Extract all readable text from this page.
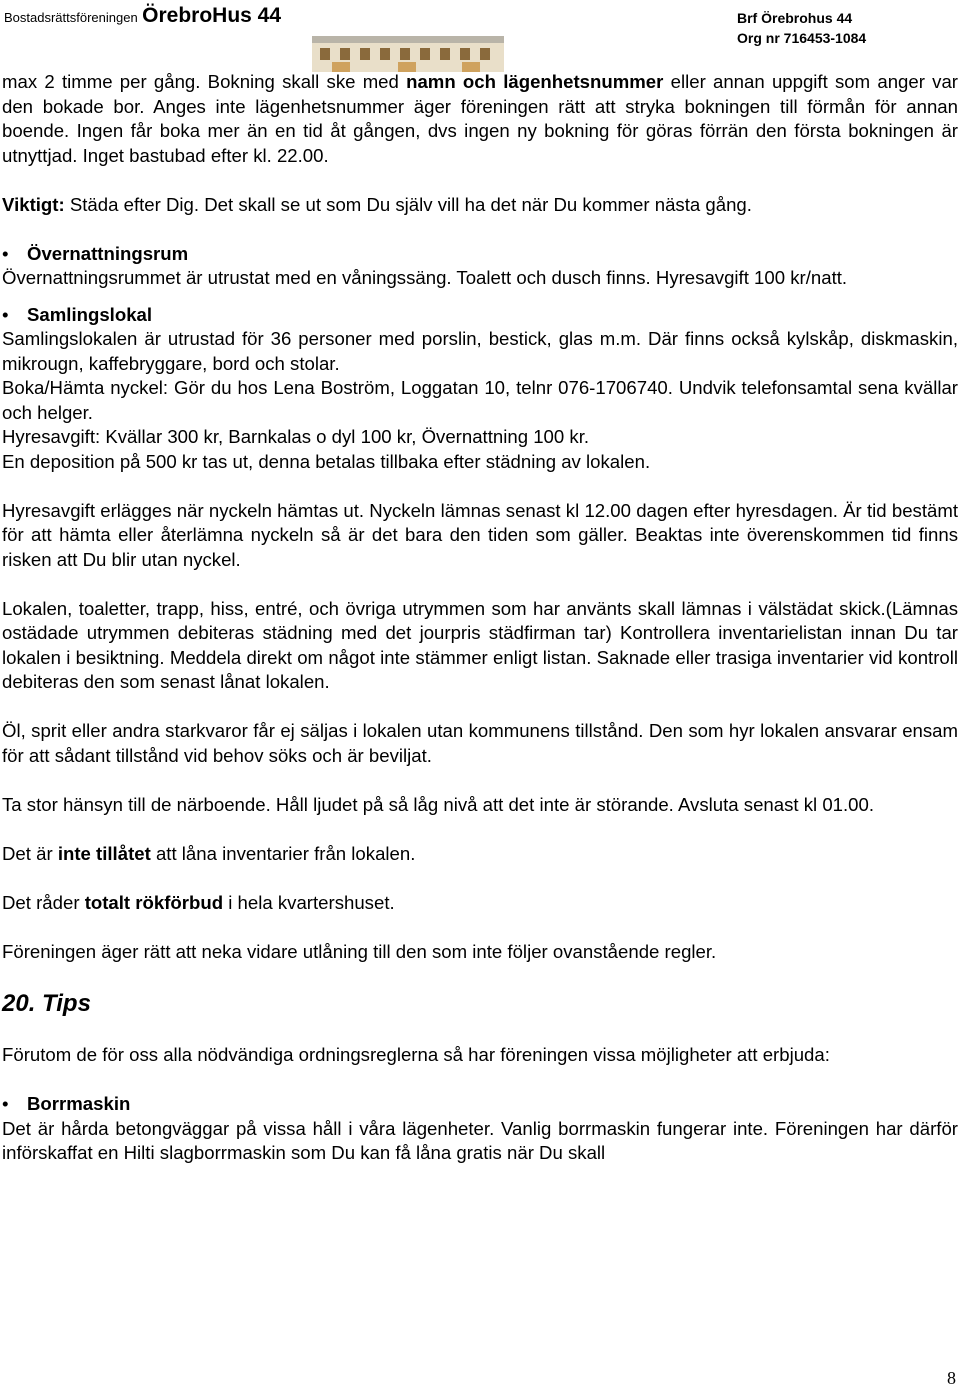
Bostadsrättsföreningen ÖrebroHus 44	Brf Örebrohus 44
Org nr 716453-1084

max 2 timme per gång. Bokning skall ske med namn och lägenhetsnummer eller annan uppgift som anger var den bokade bor. Anges inte lägenhetsnummer äger föreningen rätt att stryka bokningen till förmån för annan boende. Ingen får boka mer än en tid åt gången, dvs ingen ny bokning för göras förrän den första bokningen är utnyttjad. Inget bastubad efter kl. 22.00.

Viktigt: Städa efter Dig. Det skall se ut som Du själv vill ha det när Du kommer nästa gång.

• Övernattningsrum

Övernattningsrummet är utrustat med en våningssäng. Toalett och dusch finns. Hyresavgift 100 kr/natt.

• Samlingslokal

Samlingslokalen är utrustad för 36 personer med porslin, bestick, glas m.m. Där finns också kylskåp, diskmaskin, mikrougn, kaffebryggare, bord och stolar.

Boka/Hämta nyckel: Gör du hos Lena Boström, Loggatan 10, telnr 076-1706740. Undvik telefonsamtal sena kvällar och helger.

Hyresavgift: Kvällar 300 kr, Barnkalas o dyl 100 kr, Övernattning 100 kr.

En deposition på 500 kr tas ut, denna betalas tillbaka efter städning av lokalen.

Hyresavgift erlägges när nyckeln hämtas ut. Nyckeln lämnas senast kl 12.00 dagen efter hyresdagen. Är tid bestämt för att hämta eller återlämna nyckeln så är det bara den tiden som gäller. Beaktas inte överenskommen tid finns risken att Du blir utan nyckel.

Lokalen, toaletter, trapp, hiss, entré, och övriga utrymmen som har använts skall lämnas i välstädat skick.(Lämnas ostädade utrymmen debiteras städning med det jourpris städfirman tar) Kontrollera inventarielistan innan Du tar lokalen i besiktning. Meddela direkt om något inte stämmer enligt listan. Saknade eller trasiga inventarier vid kontroll debiteras den som senast lånat lokalen.

Öl, sprit eller andra starkvaror får ej säljas i lokalen utan kommunens tillstånd. Den som hyr lokalen ansvarar ensam för att sådant tillstånd vid behov söks och är beviljat.

Ta stor hänsyn till de närboende. Håll ljudet på så låg nivå att det inte är störande. Avsluta senast kl 01.00.

Det är inte tillåtet att låna inventarier från lokalen.

Det råder totalt rökförbud i hela kvartershuset.

Föreningen äger rätt att neka vidare utlåning till den som inte följer ovanstående regler.

20. Tips

Förutom de för oss alla nödvändiga ordningsreglerna så har föreningen vissa möjligheter att erbjuda:

• Borrmaskin

Det är hårda betongväggar på vissa håll i våra lägenheter. Vanlig borrmaskin fungerar inte. Föreningen har därför införskaffat en Hilti slagborrmaskin som Du kan få låna gratis när Du skall

8
